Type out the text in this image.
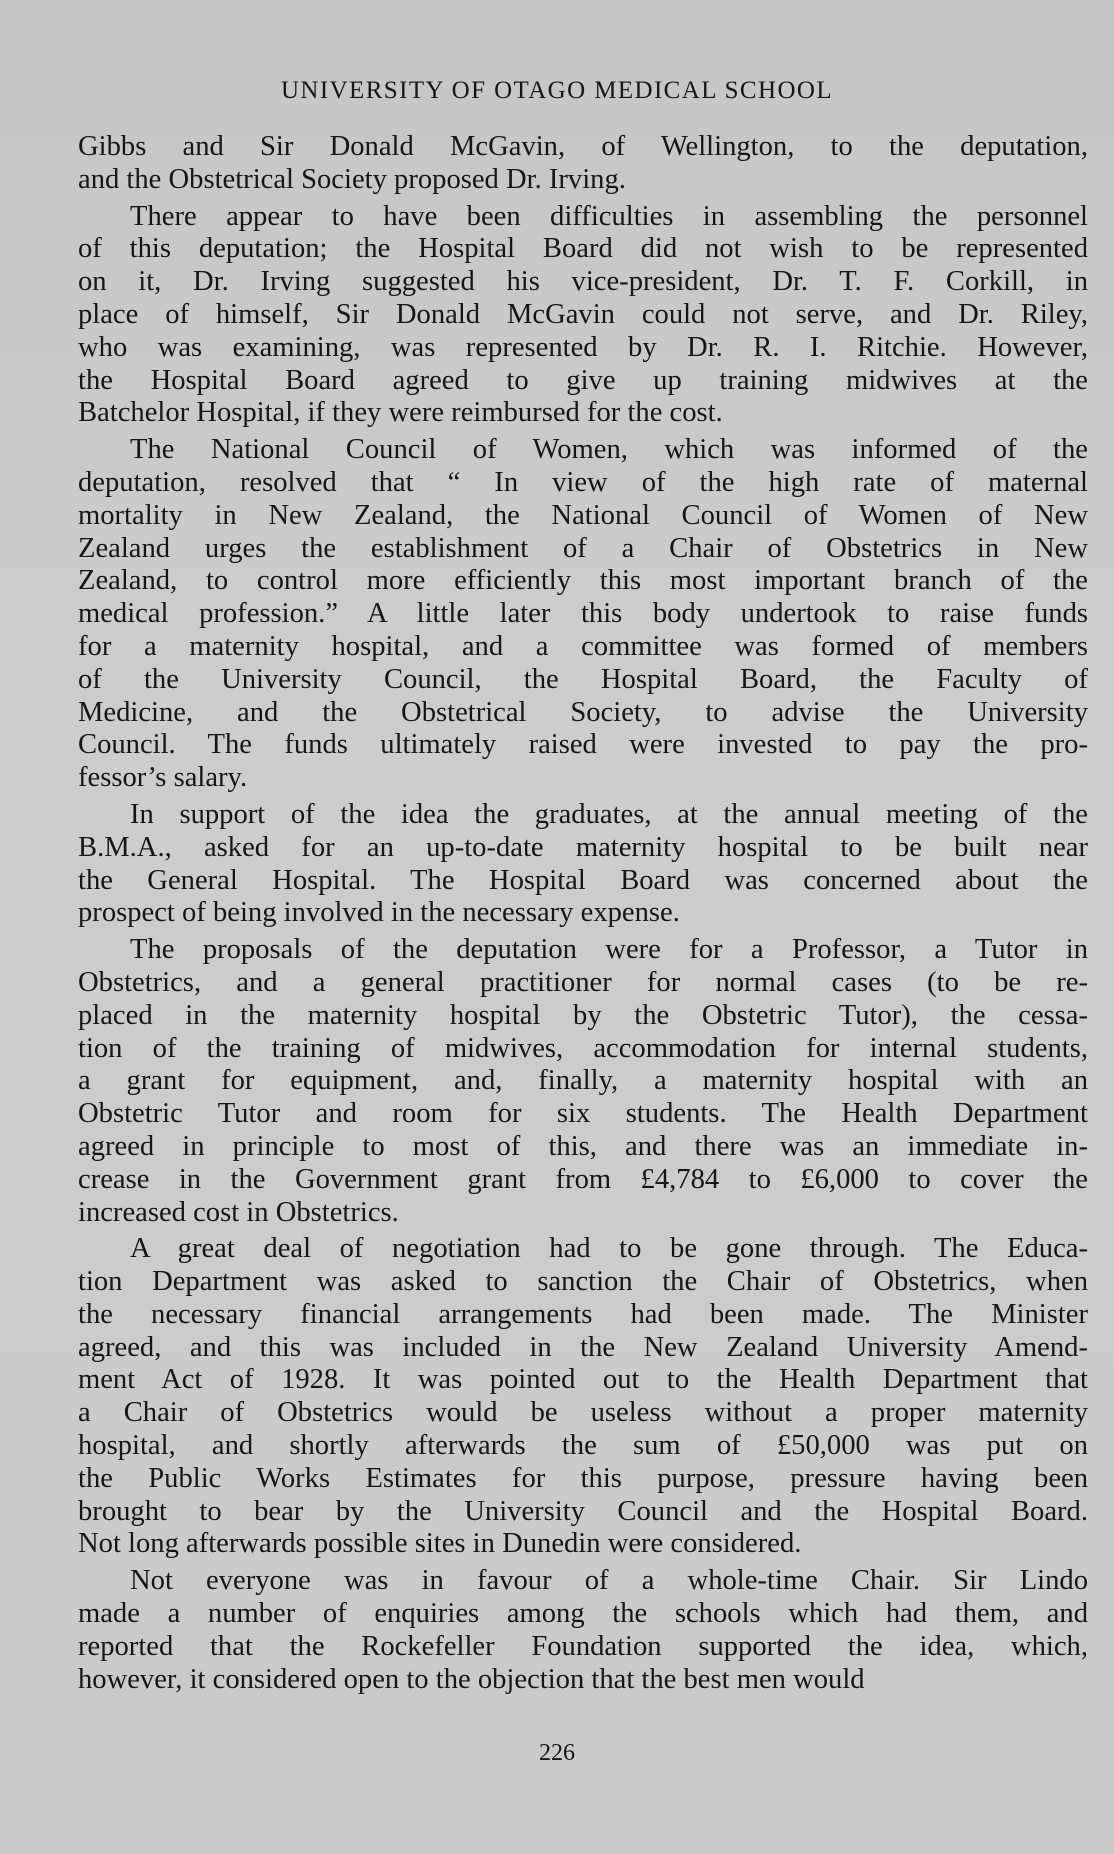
UNIVERSITY OF OTAGO MEDICAL SCHOOL
Gibbs and Sir Donald McGavin, of Wellington, to the deputation,
and the Obstetrical Society proposed Dr. Irving.
There appear to have been difficulties in assembling the personnel
of this deputation; the Hospital Board did not wish to be represented
on it, Dr. Irving suggested his vice-president, Dr. T. F. Corkill, in
place of himself, Sir Donald McGavin could not serve, and Dr. Riley,
who was examining, was represented by Dr. R. I. Ritchie. However,
the Hospital Board agreed to give up training midwives at the
Batchelor Hospital, if they were reimbursed for the cost.
The National Council of Women, which was informed of the
deputation, resolved that “ In view of the high rate of maternal
mortality in New Zealand, the National Council of Women of New
Zealand urges the establishment of a Chair of Obstetrics in New
Zealand, to control more efficiently this most important branch of the
medical profession.” A little later this body undertook to raise funds
for a maternity hospital, and a committee was formed of members
of the University Council, the Hospital Board, the Faculty of
Medicine, and the Obstetrical Society, to advise the University
Council. The funds ultimately raised were invested to pay the pro-
fessor’s salary.
In support of the idea the graduates, at the annual meeting of the
B.M.A., asked for an up-to-date maternity hospital to be built near
the General Hospital. The Hospital Board was concerned about the
prospect of being involved in the necessary expense.
The proposals of the deputation were for a Professor, a Tutor in
Obstetrics, and a general practitioner for normal cases (to be re-
placed in the maternity hospital by the Obstetric Tutor), the cessa-
tion of the training of midwives, accommodation for internal students,
a grant for equipment, and, finally, a maternity hospital with an
Obstetric Tutor and room for six students. The Health Department
agreed in principle to most of this, and there was an immediate in-
crease in the Government grant from £4,784 to £6,000 to cover the
increased cost in Obstetrics.
A great deal of negotiation had to be gone through. The Educa-
tion Department was asked to sanction the Chair of Obstetrics, when
the necessary financial arrangements had been made. The Minister
agreed, and this was included in the New Zealand University Amend-
ment Act of 1928. It was pointed out to the Health Department that
a Chair of Obstetrics would be useless without a proper maternity
hospital, and shortly afterwards the sum of £50,000 was put on
the Public Works Estimates for this purpose, pressure having been
brought to bear by the University Council and the Hospital Board.
Not long afterwards possible sites in Dunedin were considered.
Not everyone was in favour of a whole-time Chair. Sir Lindo
made a number of enquiries among the schools which had them, and
reported that the Rockefeller Foundation supported the idea, which,
however, it considered open to the objection that the best men would
226
